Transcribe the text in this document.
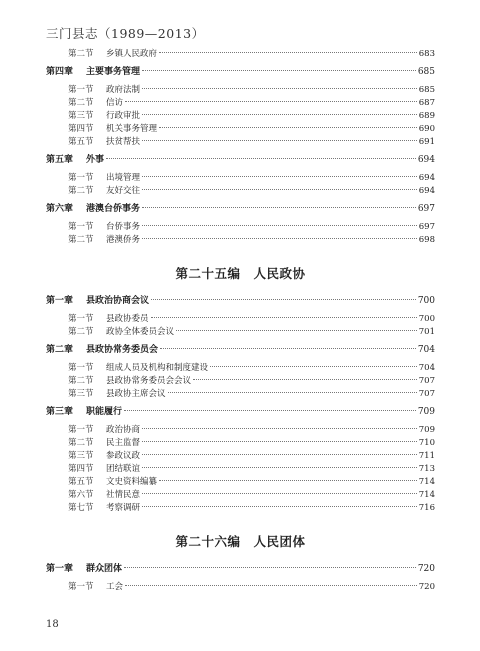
三门县志（1989—2013）
第二节 乡镇人民政府	683
第四章 主要事务管理	685
第一节 政府法制	685
第二节 信访	687
第三节 行政审批	689
第四节 机关事务管理	690
第五节 扶贫帮扶	691
第五章 外事	694
第一节 出境管理	694
第二节 友好交往	694
第六章 港澳台侨事务	697
第一节 台侨事务	697
第二节 港澳侨务	698
第二十五编　人民政协
第一章 县政治协商会议	700
第一节 县政协委员	700
第二节 政协全体委员会议	701
第二章 县政协常务委员会	704
第一节 组成人员及机构和制度建设	704
第二节 县政协常务委员会会议	707
第三节 县政协主席会议	707
第三章 职能履行	709
第一节 政治协商	709
第二节 民主监督	710
第三节 参政议政	711
第四节 团结联谊	713
第五节 文史资料编纂	714
第六节 社情民意	714
第七节 考察调研	716
第二十六编　人民团体
第一章 群众团体	720
第一节 工会	720
18
